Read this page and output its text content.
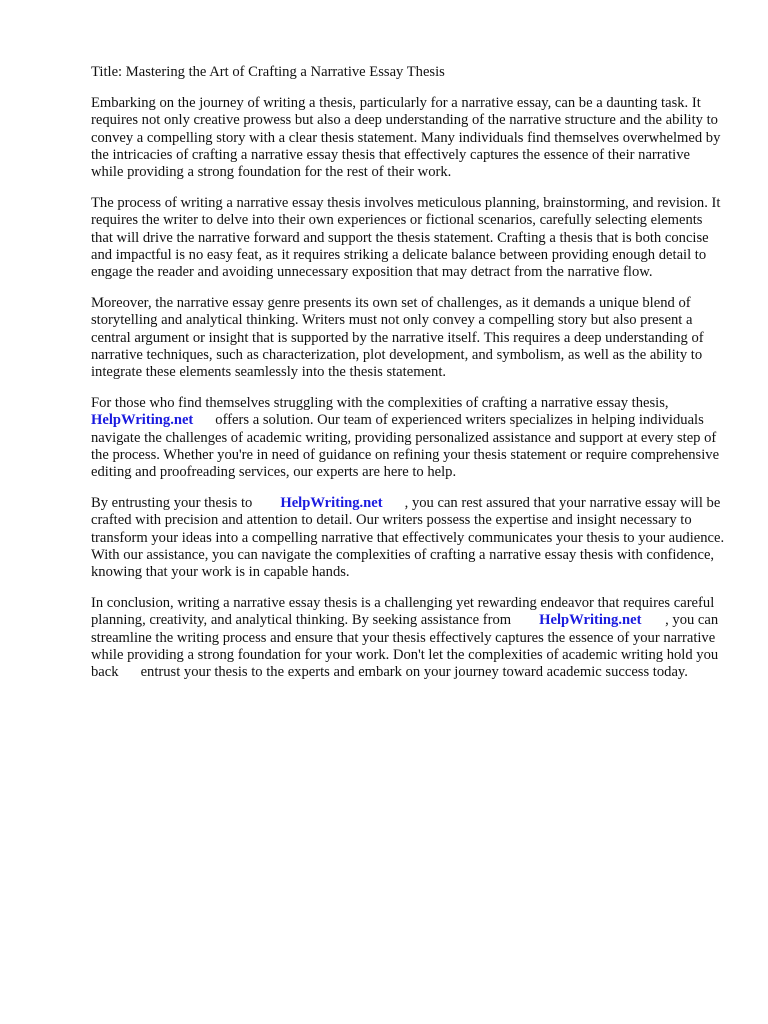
Title: Mastering the Art of Crafting a Narrative Essay Thesis

Embarking on the journey of writing a thesis, particularly for a narrative essay, can be a daunting task. It requires not only creative prowess but also a deep understanding of the narrative structure and the ability to convey a compelling story with a clear thesis statement. Many individuals find themselves overwhelmed by the intricacies of crafting a narrative essay thesis that effectively captures the essence of their narrative while providing a strong foundation for the rest of their work.

The process of writing a narrative essay thesis involves meticulous planning, brainstorming, and revision. It requires the writer to delve into their own experiences or fictional scenarios, carefully selecting elements that will drive the narrative forward and support the thesis statement. Crafting a thesis that is both concise and impactful is no easy feat, as it requires striking a delicate balance between providing enough detail to engage the reader and avoiding unnecessary exposition that may detract from the narrative flow.

Moreover, the narrative essay genre presents its own set of challenges, as it demands a unique blend of storytelling and analytical thinking. Writers must not only convey a compelling story but also present a central argument or insight that is supported by the narrative itself. This requires a deep understanding of narrative techniques, such as characterization, plot development, and symbolism, as well as the ability to integrate these elements seamlessly into the thesis statement.

For those who find themselves struggling with the complexities of crafting a narrative essay thesis, HelpWriting.net offers a solution. Our team of experienced writers specializes in helping individuals navigate the challenges of academic writing, providing personalized assistance and support at every step of the process. Whether you're in need of guidance on refining your thesis statement or require comprehensive editing and proofreading services, our experts are here to help.

By entrusting your thesis to HelpWriting.net , you can rest assured that your narrative essay will be crafted with precision and attention to detail. Our writers possess the expertise and insight necessary to transform your ideas into a compelling narrative that effectively communicates your thesis to your audience. With our assistance, you can navigate the complexities of crafting a narrative essay thesis with confidence, knowing that your work is in capable hands.

In conclusion, writing a narrative essay thesis is a challenging yet rewarding endeavor that requires careful planning, creativity, and analytical thinking. By seeking assistance from HelpWriting.net , you can streamline the writing process and ensure that your thesis effectively captures the essence of your narrative while providing a strong foundation for your work. Don't let the complexities of academic writing hold you back entrust your thesis to the experts and embark on your journey toward academic success today.
